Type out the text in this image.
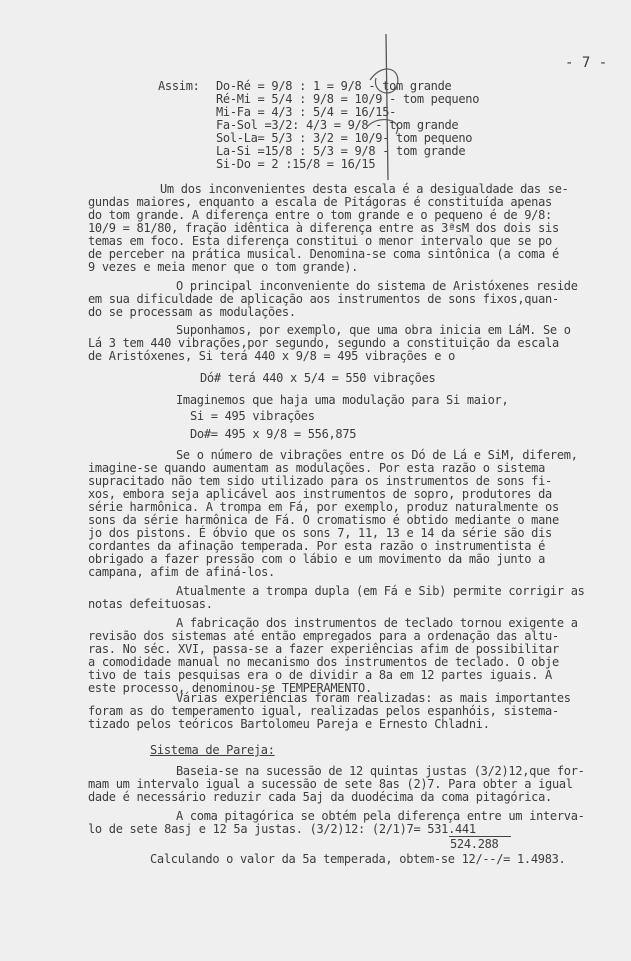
- 7 -
Assim: Do-Ré = 9/8 : 1 = 9/8 - tom grande
Ré-Mi = 5/4 : 9/8 = 10/9 - tom pequeno
Mi-Fa = 4/3 : 5/4 = 16/15-
Fa-Sol =3/2: 4/3 = 9/8 - tom grande
Sol-La= 5/3 : 3/2 = 10/9- tom pequeno
La-Si =15/8 : 5/3 = 9/8 - tom grande
Si-Do = 2 :15/8 = 16/15
Um dos inconvenientes desta escala é a desigualdade das se-
gundas maiores, enquanto a escala de Pitágoras é constituída apenas
do tom grande. A diferença entre o tom grande e o pequeno é de 9/8:
10/9 = 81/80, fração idêntica à diferença entre as 3ªsM dos dois sis
temas em foco. Esta diferença constitui o menor intervalo que se po
de perceber na prática musical. Denomina-se coma sintônica (a coma é
9 vezes e meia menor que o tom grande).
O principal inconveniente do sistema de Aristóxenes reside
em sua dificuldade de aplicação aos instrumentos de sons fixos,quan-
do se processam as modulações.
Suponhamos, por exemplo, que uma obra inicia em LáM. Se o
Lá 3 tem 440 vibrações,por segundo, segundo a constituição da escala
de Aristóxenes, Si terá 440 x 9/8 = 495 vibrações e o
Dó# terá 440 x 5/4 = 550 vibrações
Imaginemos que haja uma modulação para Si maior,
Si = 495 vibrações
Do#= 495 x 9/8 = 556,875
Se o número de vibrações entre os Dó de Lá e SiM, diferem,
imagine-se quando aumentam as modulações. Por esta razão o sistema
supracitado não tem sido utilizado para os instrumentos de sons fi-
xos, embora seja aplicável aos instrumentos de sopro, produtores da
série harmônica. A trompa em Fá, por exemplo, produz naturalmente os
sons da série harmônica de Fá. O cromatismo é obtido mediante o mane
jo dos pistons. É óbvio que os sons 7, 11, 13 e 14 da série são dis
cordantes da afinação temperada. Por esta razão o instrumentista é
obrigado a fazer pressão com o lábio e um movimento da mão junto a
campana, afim de afiná-los.
Atualmente a trompa dupla (em Fá e Sib) permite corrigir as
notas defeituosas.
A fabricação dos instrumentos de teclado tornou exigente a
revisão dos sistemas até então empregados para a ordenação das altu-
ras. No séc. XVI, passa-se a fazer experiências afim de possibilitar
a comodidade manual no mecanismo dos instrumentos de teclado. O obje
tivo de tais pesquisas era o de dividir a 8a em 12 partes iguais. A
este processo, denominou-se TEMPERAMENTO.
Várias experiências foram realizadas: as mais importantes
foram as do temperamento igual, realizadas pelos espanhóis, sistema-
tizado pelos teóricos Bartolomeu Pareja e Ernesto Chladni.
Sistema de Pareja:
Baseia-se na sucessão de 12 quintas justas (3/2)12,que for-
mam um intervalo igual a sucessão de sete 8as (2)7. Para obter a igual
dade é necessário reduzir cada 5aj da duodécima da coma pitagórica.
A coma pitagórica se obtém pela diferença entre um interva-
lo de sete 8asj e 12 5a justas. (3/2)12: (2/1)7= 531.441
524.288
Calculando o valor da 5a temperada, obtem-se 12/--/= 1.4983.
